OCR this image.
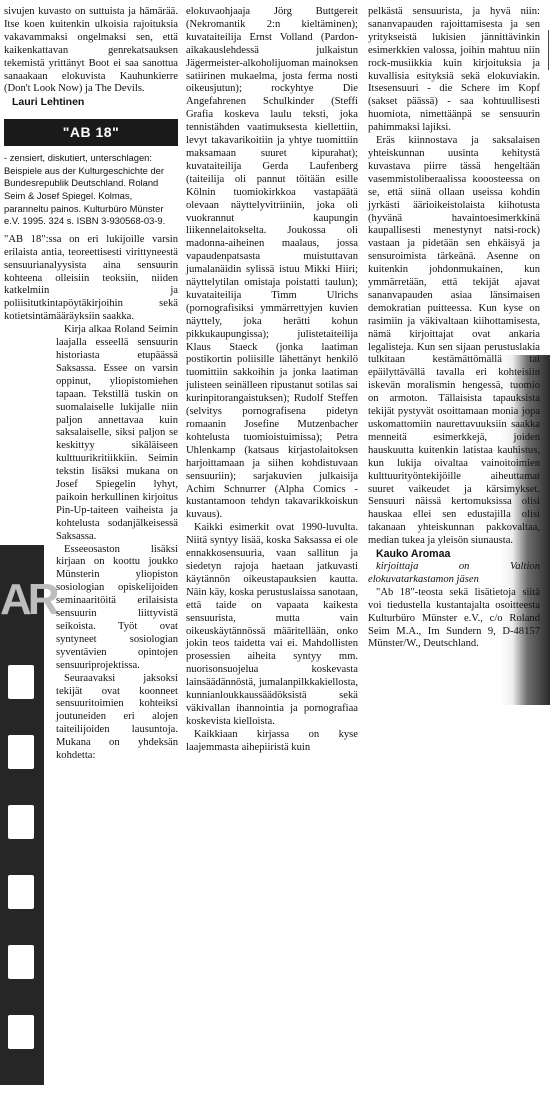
AR

sivujen kuvasto on suttuista ja hämärää. Itse koen kuitenkin ulkoisia rajoituksia vakavammaksi ongelmaksi sen, että kaikenkattavan genrekatsauksen tekemistä yrittänyt Boot ei saa sanottua sanaakaan elokuvista Kauhunkierre (Don't Look Now) ja The Devils.

Lauri Lehtinen

"AB 18"
- zensiert, diskutiert, unterschlagen: Beispiele aus der Kulturgeschichte der Bundesrepublik Deutschland. Roland Seim & Josef Spiegel. Kolmas, paranneltu painos. Kulturbüro Münster e.V. 1995. 324 s. ISBN 3-930568-03-9.

"AB 18":ssa on eri lukijoille varsin erilaista antia, teoreettisesti virittyneestä sensuurianalyysista aina sensuurin kohteena olleisiin teoksiin, niiden katkelmiin ja poliisitutkintapöytäkirjoihin sekä kotietsintämääräyksiin saakka.

Kirja alkaa Roland Seimin laajalla esseellä sensuurin historiasta etupäässä Saksassa. Essee on varsin oppinut, yliopistomiehen tapaan. Tekstillä tuskin on suomalaiselle lukijalle niin paljon annettavaa kuin saksalaiselle, siksi paljon se keskittyy sikäläiseen kulttuurikritiikkiin. Seimin tekstin lisäksi mukana on Josef Spiegelin lyhyt, paikoin herkullinen kirjoitus Pin-Up-taiteen vaiheista ja kohtelusta sodanjälkeisessä Saksassa.

Esseeosaston lisäksi kirjaan on koottu joukko Münsterin yliopiston sosiologian opiskelijoiden seminaaritöitä erilaisista sensuurin liittyvistä seikoista. Työt ovat syntyneet sosiologian syventävien opintojen sensuuriprojektissa.

Seuraavaksi jaksoksi tekijät ovat koonneet sensuuritoimien kohteiksi joutuneiden eri alojen taiteilijoiden lausuntoja. Mukana on yhdeksän kohdetta:

elokuvaohjaaja Jörg Buttgereit (Nekromantik 2:n kieltäminen); kuvataiteilija Ernst Volland (Pardon-aikakauslehdessä julkaistun Jägermeister-alkoholijuoman mainoksen satiirinen mukaelma, josta ferma nosti oikeusjutun); rockyhtye Die Angefahrenen Schulkinder (Steffi Grafia koskeva laulu teksti, joka tennistähden vaatimuksesta kiellettiin, levyt takavarikoitiin ja yhtye tuomittiin maksamaan suuret kipurahat); kuvataiteilija Gerda Laufenberg (taiteilija oli pannut töitään esille Kölnin tuomiokirkkoa vastapäätä olevaan näyttelyvitriiniin, joka oli vuokrannut kaupungin liikennelaitokselta. Joukossa oli madonna-aiheinen maalaus, jossa vapaudenpatsasta muistuttavan jumalanäidin sylissä istuu Mikki Hiiri; näyttelytilan omistaja poistatti taulun); kuvataiteilija Timm Ulrichs (pornografisiksi ymmärrettyjen kuvien näyttely, joka herätti kohun pikkukaupungissa); julistetaiteilija Klaus Staeck (jonka laatiman postikortin poliisille lähettänyt henkilö tuomittiin sakkoihin ja jonka laatiman julisteen seinälleen ripustanut sotilas sai kurinpitorangaistuksen); Rudolf Steffen (selvitys pornografisena pidetyn romaanin Josefine Mutzenbacher kohtelusta tuomioistuimissa); Petra Uhlenkamp (katsaus kirjastolaitoksen harjoittamaan ja siihen kohdistuvaan sensuuriin); sarjakuvien julkaisija Achim Schnurrer (Alpha Comics -kustantamoon tehdyn takavarikkoiskun kuvaus).

Kaikki esimerkit ovat 1990-luvulta. Niitä syntyy lisää, koska Saksassa ei ole ennakkosensuuria, vaan sallitun ja siedetyn rajoja haetaan jatkuvasti käytännön oikeustapauksien kautta. Näin käy, koska perustuslaissa sanotaan, että taide on vapaata kaikesta sensuurista, mutta vain oikeuskäytännössä määritellään, onko jokin teos taidetta vai ei. Mahdollisten prosessien aiheita syntyy mm. nuorisonsuojelua koskevasta lainsäädännöstä, jumalanpilkkakiellosta, kunnianloukkaussäädöksistä sekä väkivallan ihannointia ja pornografiaa koskevista kielloista.

Kaikkiaan kirjassa on kyse laajemmasta aihepiiristä kuin

pelkästä sensuurista, ja hyvä niin: sananvapauden rajoittamisesta ja sen yritykseistä lukisien jännittävinkin esimerkkien valossa, joihin mahtuu niin rock-musiikkia kuin kirjoituksia ja kuvallisia esityksiä sekä elokuviakin. Itsesensuuri - die Schere im Kopf (sakset päässä) - saa kohtuullisesti huomiota, nimettäänpä se sensuurin pahimmaksi lajiksi.

Eräs kiinnostava ja saksalaisen yhteiskunnan uusinta kehitystä kuvastava piirre tässä hengeltään vasemmistoliberaalissa kooosteessa on se, että siinä ollaan useissa kohdin jyrkästi äärioikeistolaista kiihotusta (hyvänä havaintoesimerkkinä kaupallisesti menestynyt natsi-rock) vastaan ja pidetään sen ehkäisyä ja sensuroimista tärkeänä. Asenne on kuitenkin johdonmukainen, kun ymmärretään, että tekijät ajavat sananvapauden asiaa länsimaisen demokratian puitteessa. Kun kyse on rasimiin ja väkivaltaan kiihottamisesta, nämä kirjoittajat ovat ankaria legalisteja. Kun sen sijaan perustuslakia tulkitaan kestämättömällä tai epäilyttävällä tavalla eri kohteisiin iskevän moralismin hengessä, tuomio on armoton. Tällaisista tapauksista tekijät pystyvät osoittamaan monia jopa uskomattomiin naurettavuuksiin saakka menneitä esimerkkejä, joiden hauskuutta kuitenkin latistaa kauhistus, kun lukija oivaltaa vainoitoimien kulttuurityöntekijöille aiheuttamat suuret vaikeudet ja kärsimykset. Sensuuri näissä kertomuksissa olisi hauskaa ellei sen edustajilla olisi takanaan yhteiskunnan pakkovaltaa, median tukea ja yleisön siunausta.

Kauko Aromaa

kirjoittaja on Valtion elokuvatarkastamon jäsen

"Ab 18"-teosta sekä lisätietoja siitä voi tiedustella kustantajalta osoitteesta Kulturbüro Münster e.V., c/o Roland Seim M.A., Im Sundern 9, D-48157 Münster/W., Deutschland.
